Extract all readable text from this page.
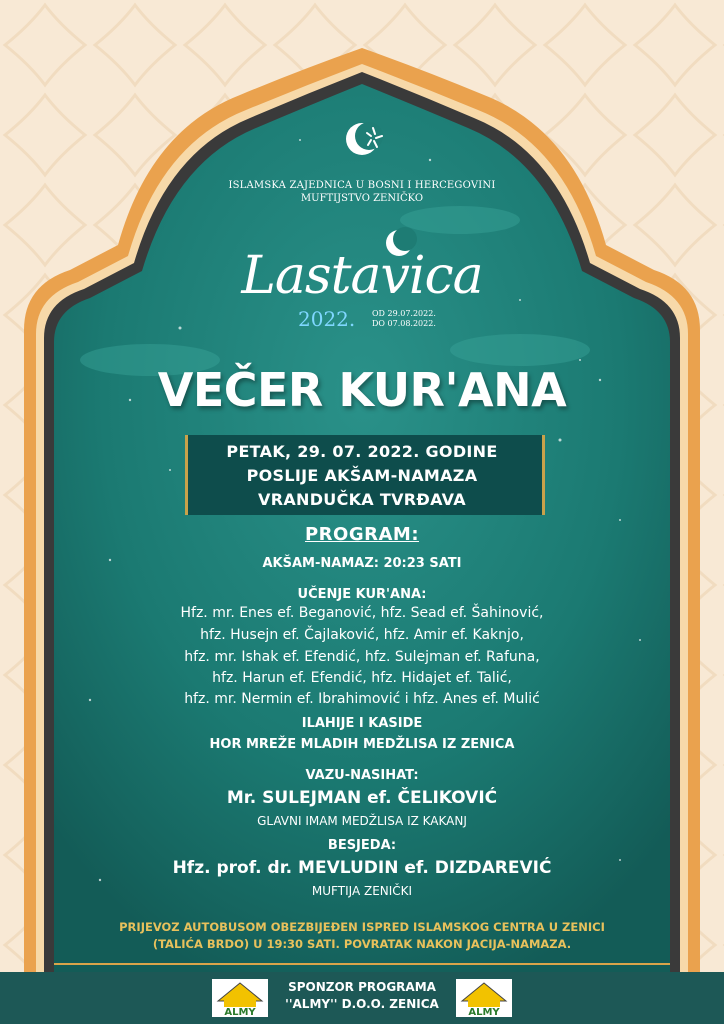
ISLAMSKA ZAJEDNICA U BOSNI I HERCEGOVINI
MUFTIJSTVO ZENIČKO
Lastavica
2022. OD 29.07.2022.
DO 07.08.2022.
VEČER KUR'ANA
PETAK, 29. 07. 2022. GODINE
POSLIJE AKŠAM-NAMAZA
VRANDUČKA TVRĐAVA
PROGRAM:
AKŠAM-NAMAZ: 20:23 SATI
UČENJE KUR'ANA:
Hfz. mr. Enes ef. Beganović, hfz. Sead ef. Šahinović,
hfz. Husejn ef. Čajlaković, hfz. Amir ef. Kaknjo,
hfz. mr. Ishak ef. Efendić, hfz. Sulejman ef. Rafuna,
hfz. Harun ef. Efendić, hfz. Hidajet ef. Talić,
hfz. mr. Nermin ef. Ibrahimović i hfz. Anes ef. Mulić
ILAHIJE I KASIDE
HOR MREŽE MLADIH MEDŽLISA IZ ZENICA
VAZU-NASIHAT:
Mr. SULEJMAN ef. ČELIKOVIĆ
GLAVNI IMAM MEDŽLISA IZ KAKANJ
BESJEDA:
Hfz. prof. dr. MEVLUDIN ef. DIZDAREVIĆ
MUFTIJA ZENIČKI
PRIJEVOZ AUTOBUSOM OBEZBIJEĐEN ISPRED ISLAMSKOG CENTRA U ZENICI
(TALIĆA BRDO) U 19:30 SATI. POVRATAK NAKON JACIJA-NAMAZA.
ALMY
SPONZOR PROGRAMA
''ALMY'' D.O.O. ZENICA
ALMY
